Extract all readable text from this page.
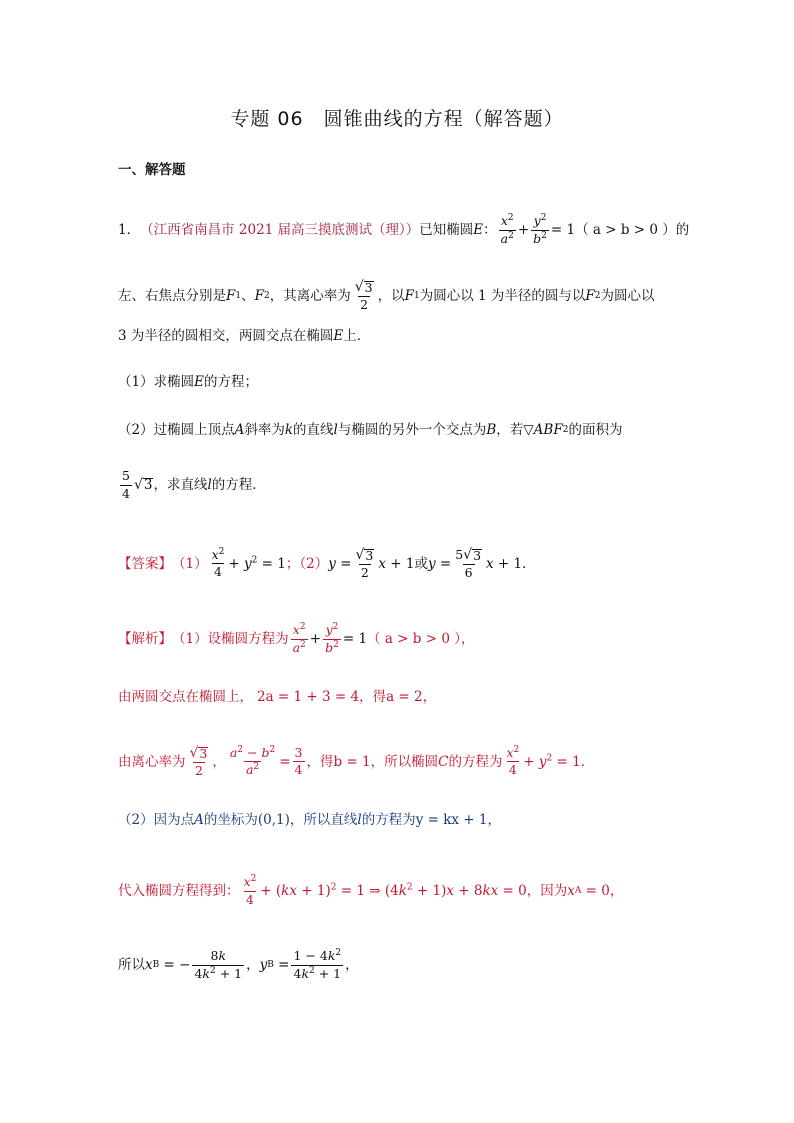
专题 06　圆锥曲线的方程（解答题）
一、解答题
1． （江西省南昌市 2021 届高三摸底测试（理）） 已知椭圆 E ： $\frac{x^2}{a^2} + \frac{y^2}{b^2} = 1$ （ a > b > 0 ）的
左、右焦点分别是 F 1 、 F 2 ，其离心率为 $\frac{√ 3}{2}$ ，以 F 1 为圆心以 1 为半径的圆与以 F 2 为圆心以
3 为半径的圆相交，两圆交点在椭圆 E 上．
（1）求椭圆 E 的方程；
（2）过椭圆上顶点 A 斜率为 k 的直线 l 与椭圆的另外一个交点为 B ，若 ▽ ABF 2 的面积为
$\frac{5}{4}$ √ 3 ，求直线 l 的方程．
【答案】 $(1) \frac{x^2}{4} + y^2 = 1$ ；（2） $y = \frac{√ 3}{2}$ x + 1 或 $y = \frac{5 √ 3}{6}$ x + 1 ．
【解析】 （1）设椭圆方程为 $\frac{x^2}{a^2} + \frac{y^2}{b^2} = 1$ （ a > b > 0 ），
由两圆交点在椭圆上， 2a = 1 + 3 = 4 ，得 a = 2 ，
由离心率为 $\frac{√ 3}{2}$ ， $\frac{a^2 - b^2}{a^2} = \frac{3}{4}$ ，得 b = 1 ，所以椭圆 C 的方程为 $\frac{x^2}{4} + y^2 = 1$ ．
（2）因为点 A 的坐标为 (0,1) ，所以直线 l 的方程为 y = kx + 1 ，
代入椭圆方程得到： $\frac{x^2}{4} + (kx + 1)^2 = 1$ ⇒ $(4k^2 + 1)x + 8kx = 0$ ，因为 x A = 0 ，
所以 x B = − $\frac{8k}{4k^2 + 1}$ ， y $B = \frac{1 - 4k^2}{4k^2 + 1}$ ，
